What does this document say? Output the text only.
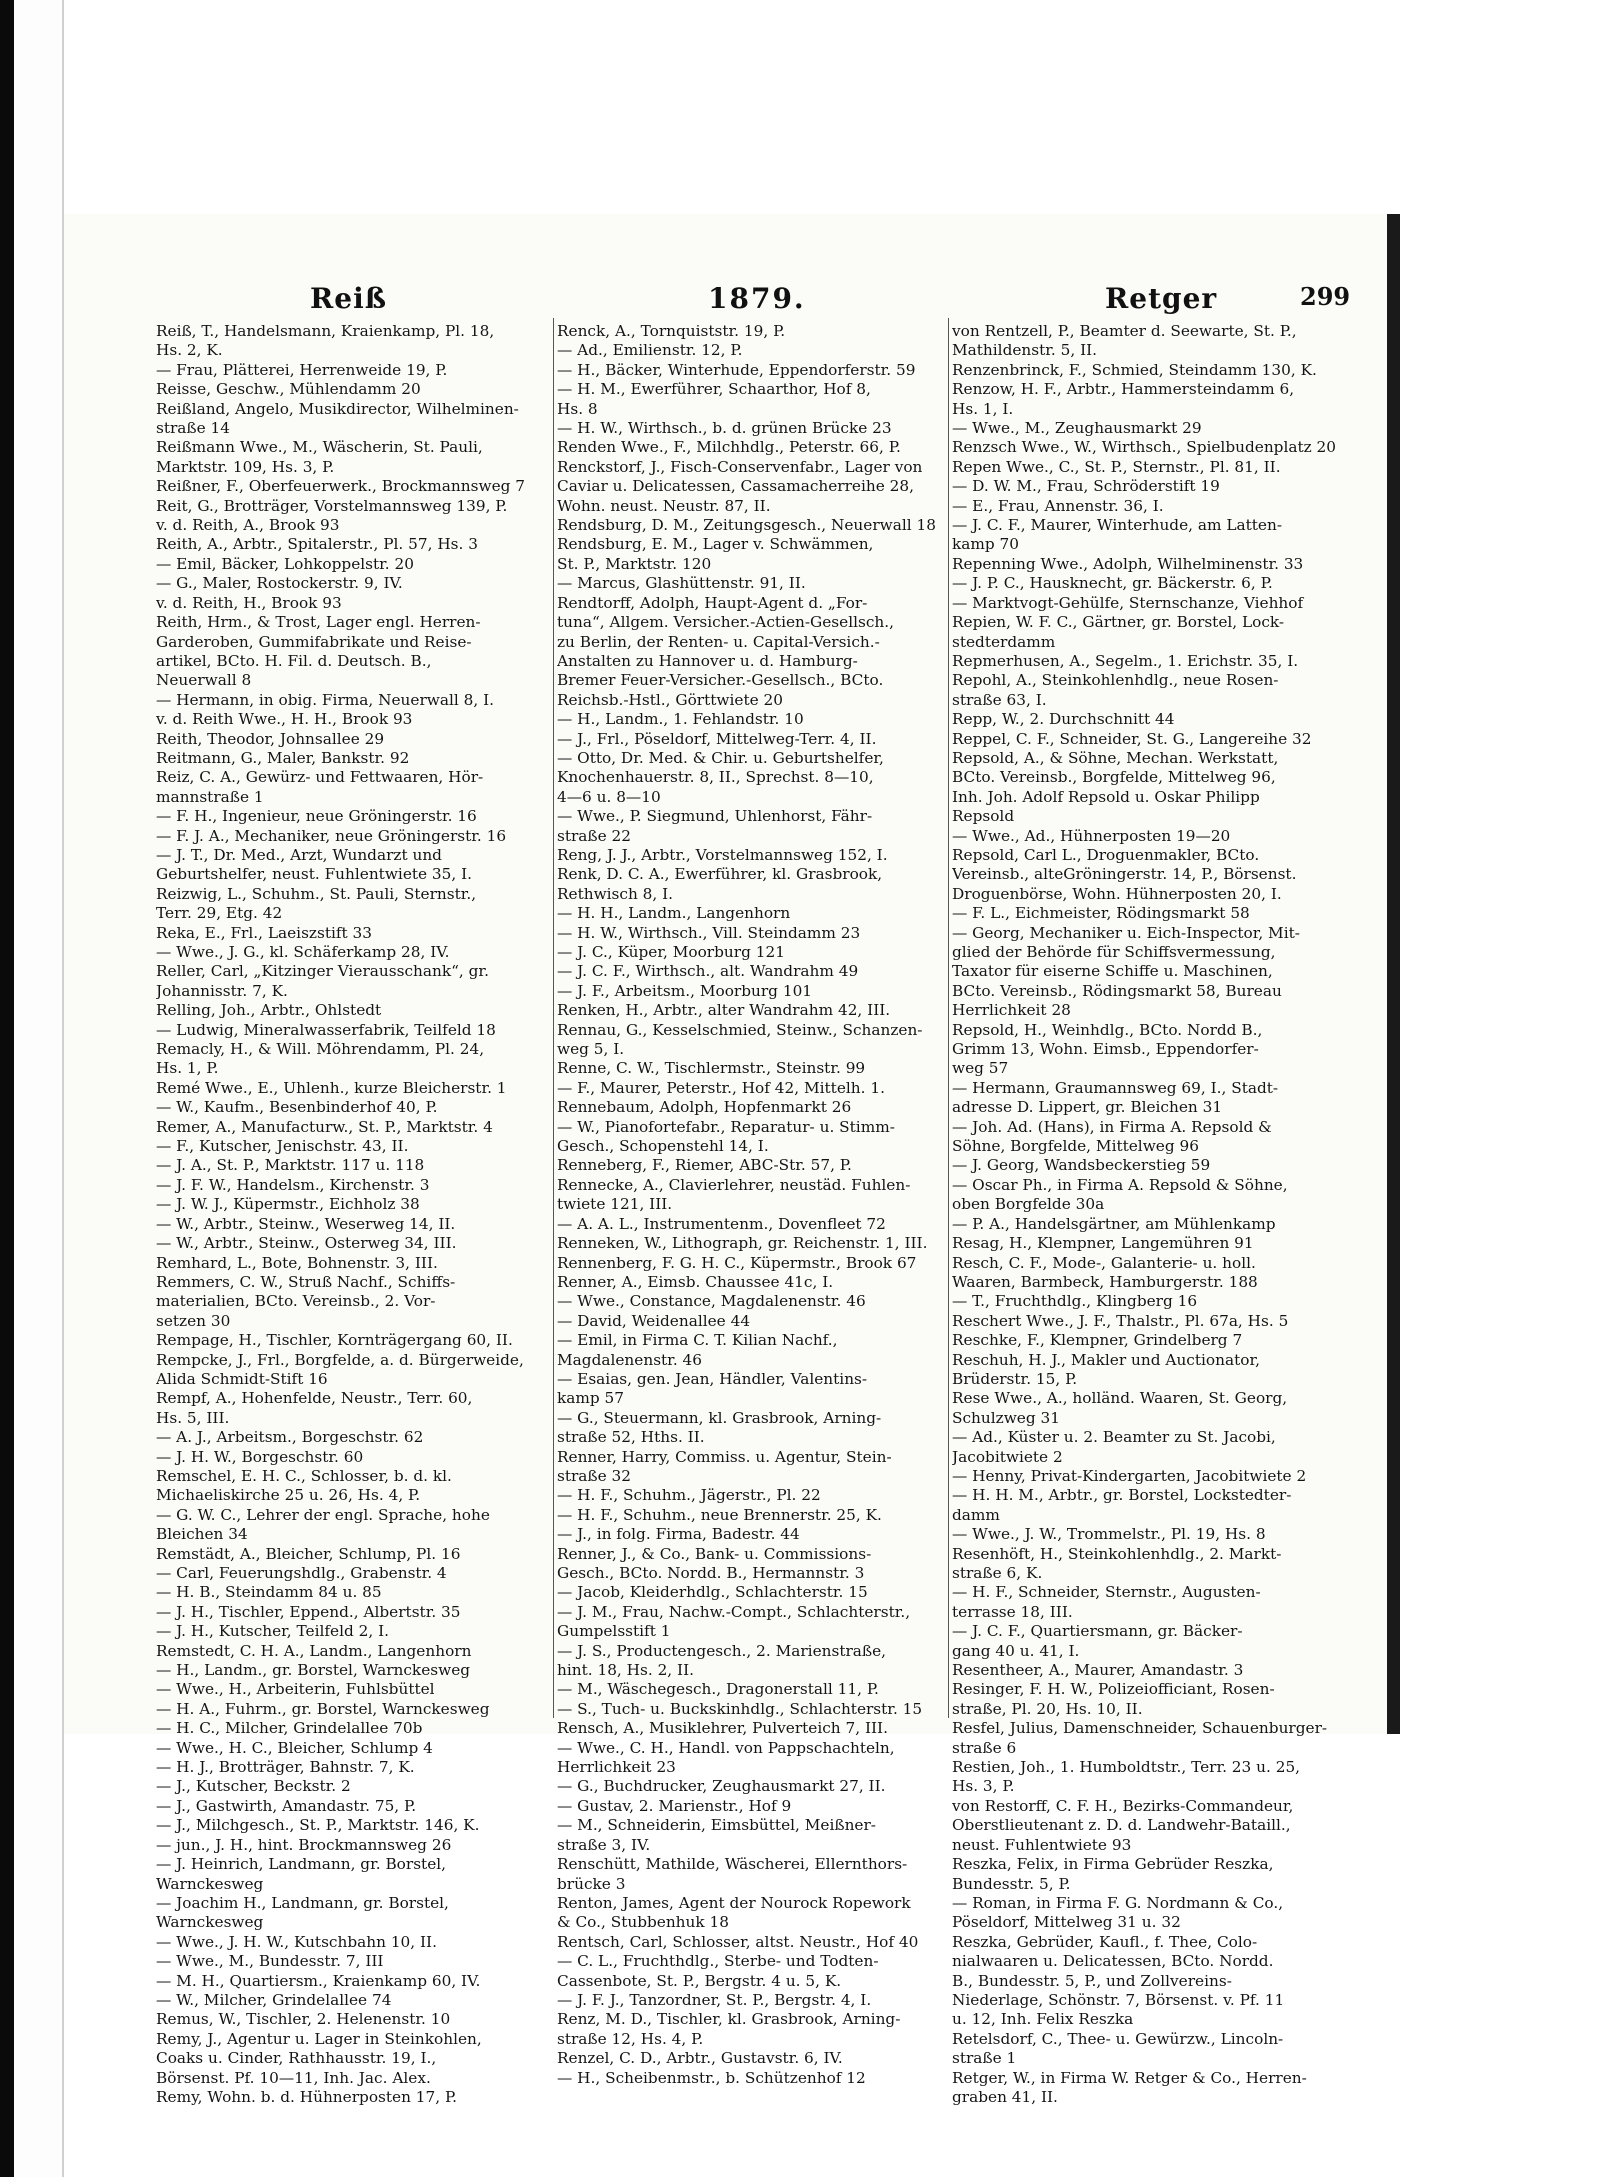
Reiß	1879.	Retger	299
Reiß, T., Handelsmann, Kraienkamp, Pl. 18,
Hs. 2, K.
— Frau, Plätterei, Herrenweide 19, P.
Reisse, Geschw., Mühlendamm 20
Reißland, Angelo, Musikdirector, Wilhelminen-
straße 14
Reißmann Wwe., M., Wäscherin, St. Pauli,
Marktstr. 109, Hs. 3, P.
Reißner, F., Oberfeuerwerk., Brockmannsweg 7
Reit, G., Brotträger, Vorstelmannsweg 139, P.
v. d. Reith, A., Brook 93
Reith, A., Arbtr., Spitalerstr., Pl. 57, Hs. 3
— Emil, Bäcker, Lohkoppelstr. 20
— G., Maler, Rostockerstr. 9, IV.
v. d. Reith, H., Brook 93
Reith, Hrm., & Trost, Lager engl. Herren-
Garderoben, Gummifabrikate und Reise-
artikel, BCto. H. Fil. d. Deutsch. B.,
Neuerwall 8
— Hermann, in obig. Firma, Neuerwall 8, I.
v. d. Reith Wwe., H. H., Brook 93
Reith, Theodor, Johnsallee 29
Reitmann, G., Maler, Bankstr. 92
Reiz, C. A., Gewürz- und Fettwaaren, Hör-
mannstraße 1
— F. H., Ingenieur, neue Gröningerstr. 16
— F. J. A., Mechaniker, neue Gröningerstr. 16
— J. T., Dr. Med., Arzt, Wundarzt und
Geburtshelfer, neust. Fuhlentwiete 35, I.
Reizwig, L., Schuhm., St. Pauli, Sternstr.,
Terr. 29, Etg. 42
Reka, E., Frl., Laeiszstift 33
— Wwe., J. G., kl. Schäferkamp 28, IV.
Reller, Carl, „Kitzinger Vierausschank“, gr.
Johannisstr. 7, K.
Relling, Joh., Arbtr., Ohlstedt
— Ludwig, Mineralwasserfabrik, Teilfeld 18
Remacly, H., & Will. Möhrendamm, Pl. 24,
Hs. 1, P.
Remé Wwe., E., Uhlenh., kurze Bleicherstr. 1
— W., Kaufm., Besenbinderhof 40, P.
Remer, A., Manufacturw., St. P., Marktstr. 4
— F., Kutscher, Jenischstr. 43, II.
— J. A., St. P., Marktstr. 117 u. 118
— J. F. W., Handelsm., Kirchenstr. 3
— J. W. J., Küpermstr., Eichholz 38
— W., Arbtr., Steinw., Weserweg 14, II.
— W., Arbtr., Steinw., Osterweg 34, III.
Remhard, L., Bote, Bohnenstr. 3, III.
Remmers, C. W., Struß Nachf., Schiffs-
materialien, BCto. Vereinsb., 2. Vor-
setzen 30
Rempage, H., Tischler, Kornträgergang 60, II.
Rempcke, J., Frl., Borgfelde, a. d. Bürgerweide,
Alida Schmidt-Stift 16
Rempf, A., Hohenfelde, Neustr., Terr. 60,
Hs. 5, III.
— A. J., Arbeitsm., Borgeschstr. 62
— J. H. W., Borgeschstr. 60
Remschel, E. H. C., Schlosser, b. d. kl.
Michaeliskirche 25 u. 26, Hs. 4, P.
— G. W. C., Lehrer der engl. Sprache, hohe
Bleichen 34
Remstädt, A., Bleicher, Schlump, Pl. 16
— Carl, Feuerungshdlg., Grabenstr. 4
— H. B., Steindamm 84 u. 85
— J. H., Tischler, Eppend., Albertstr. 35
— J. H., Kutscher, Teilfeld 2, I.
Remstedt, C. H. A., Landm., Langenhorn
— H., Landm., gr. Borstel, Warnckesweg
— Wwe., H., Arbeiterin, Fuhlsbüttel
— H. A., Fuhrm., gr. Borstel, Warnckesweg
— H. C., Milcher, Grindelallee 70b
— Wwe., H. C., Bleicher, Schlump 4
— H. J., Brotträger, Bahnstr. 7, K.
— J., Kutscher, Beckstr. 2
— J., Gastwirth, Amandastr. 75, P.
— J., Milchgesch., St. P., Marktstr. 146, K.
— jun., J. H., hint. Brockmannsweg 26
— J. Heinrich, Landmann, gr. Borstel,
Warnckesweg
— Joachim H., Landmann, gr. Borstel,
Warnckesweg
— Wwe., J. H. W., Kutschbahn 10, II.
— Wwe., M., Bundesstr. 7, III
— M. H., Quartiersm., Kraienkamp 60, IV.
— W., Milcher, Grindelallee 74
Remus, W., Tischler, 2. Helenenstr. 10
Remy, J., Agentur u. Lager in Steinkohlen,
Coaks u. Cinder, Rathhausstr. 19, I.,
Börsenst. Pf. 10—11, Inh. Jac. Alex.
Remy, Wohn. b. d. Hühnerposten 17, P.
Renck, A., Tornquiststr. 19, P.
— Ad., Emilienstr. 12, P.
— H., Bäcker, Winterhude, Eppendorferstr. 59
— H. M., Ewerführer, Schaarthor, Hof 8,
Hs. 8
— H. W., Wirthsch., b. d. grünen Brücke 23
Renden Wwe., F., Milchhdlg., Peterstr. 66, P.
Renckstorf, J., Fisch-Conservenfabr., Lager von
Caviar u. Delicatessen, Cassamacherreihe 28,
Wohn. neust. Neustr. 87, II.
Rendsburg, D. M., Zeitungsgesch., Neuerwall 18
Rendsburg, E. M., Lager v. Schwämmen,
St. P., Marktstr. 120
— Marcus, Glashüttenstr. 91, II.
Rendtorff, Adolph, Haupt-Agent d. „For-
tuna“, Allgem. Versicher.-Actien-Gesellsch.,
zu Berlin, der Renten- u. Capital-Versich.-
Anstalten zu Hannover u. d. Hamburg-
Bremer Feuer-Versicher.-Gesellsch., BCto.
Reichsb.-Hstl., Görttwiete 20
— H., Landm., 1. Fehlandstr. 10
— J., Frl., Pöseldorf, Mittelweg-Terr. 4, II.
— Otto, Dr. Med. & Chir. u. Geburtshelfer,
Knochenhauerstr. 8, II., Sprechst. 8—10,
4—6 u. 8—10
— Wwe., P. Siegmund, Uhlenhorst, Fähr-
straße 22
Reng, J. J., Arbtr., Vorstelmannsweg 152, I.
Renk, D. C. A., Ewerführer, kl. Grasbrook,
Rethwisch 8, I.
— H. H., Landm., Langenhorn
— H. W., Wirthsch., Vill. Steindamm 23
— J. C., Küper, Moorburg 121
— J. C. F., Wirthsch., alt. Wandrahm 49
— J. F., Arbeitsm., Moorburg 101
Renken, H., Arbtr., alter Wandrahm 42, III.
Rennau, G., Kesselschmied, Steinw., Schanzen-
weg 5, I.
Renne, C. W., Tischlermstr., Steinstr. 99
— F., Maurer, Peterstr., Hof 42, Mittelh. 1.
Rennebaum, Adolph, Hopfenmarkt 26
— W., Pianofortefabr., Reparatur- u. Stimm-
Gesch., Schopenstehl 14, I.
Renneberg, F., Riemer, ABC-Str. 57, P.
Rennecke, A., Clavierlehrer, neustäd. Fuhlen-
twiete 121, III.
— A. A. L., Instrumentenm., Dovenfleet 72
Renneken, W., Lithograph, gr. Reichenstr. 1, III.
Rennenberg, F. G. H. C., Küpermstr., Brook 67
Renner, A., Eimsb. Chaussee 41c, I.
— Wwe., Constance, Magdalenenstr. 46
— David, Weidenallee 44
— Emil, in Firma C. T. Kilian Nachf.,
Magdalenenstr. 46
— Esaias, gen. Jean, Händler, Valentins-
kamp 57
— G., Steuermann, kl. Grasbrook, Arning-
straße 52, Hths. II.
Renner, Harry, Commiss. u. Agentur, Stein-
straße 32
— H. F., Schuhm., Jägerstr., Pl. 22
— H. F., Schuhm., neue Brennerstr. 25, K.
— J., in folg. Firma, Badestr. 44
Renner, J., & Co., Bank- u. Commissions-
Gesch., BCto. Nordd. B., Hermannstr. 3
— Jacob, Kleiderhdlg., Schlachterstr. 15
— J. M., Frau, Nachw.-Compt., Schlachterstr.,
Gumpelsstift 1
— J. S., Productengesch., 2. Marienstraße,
hint. 18, Hs. 2, II.
— M., Wäschegesch., Dragonerstall 11, P.
— S., Tuch- u. Buckskinhdlg., Schlachterstr. 15
Rensch, A., Musiklehrer, Pulverteich 7, III.
— Wwe., C. H., Handl. von Pappschachteln,
Herrlichkeit 23
— G., Buchdrucker, Zeughausmarkt 27, II.
— Gustav, 2. Marienstr., Hof 9
— M., Schneiderin, Eimsbüttel, Meißner-
straße 3, IV.
Renschütt, Mathilde, Wäscherei, Ellernthors-
brücke 3
Renton, James, Agent der Nourock Ropework
& Co., Stubbenhuk 18
Rentsch, Carl, Schlosser, altst. Neustr., Hof 40
— C. L., Fruchthdlg., Sterbe- und Todten-
Cassenbote, St. P., Bergstr. 4 u. 5, K.
— J. F. J., Tanzordner, St. P., Bergstr. 4, I.
Renz, M. D., Tischler, kl. Grasbrook, Arning-
straße 12, Hs. 4, P.
Renzel, C. D., Arbtr., Gustavstr. 6, IV.
— H., Scheibenmstr., b. Schützenhof 12
von Rentzell, P., Beamter d. Seewarte, St. P.,
Mathildenstr. 5, II.
Renzenbrinck, F., Schmied, Steindamm 130, K.
Renzow, H. F., Arbtr., Hammersteindamm 6,
Hs. 1, I.
— Wwe., M., Zeughausmarkt 29
Renzsch Wwe., W., Wirthsch., Spielbudenplatz 20
Repen Wwe., C., St. P., Sternstr., Pl. 81, II.
— D. W. M., Frau, Schröderstift 19
— E., Frau, Annenstr. 36, I.
— J. C. F., Maurer, Winterhude, am Latten-
kamp 70
Repenning Wwe., Adolph, Wilhelminenstr. 33
— J. P. C., Hausknecht, gr. Bäckerstr. 6, P.
— Marktvogt-Gehülfe, Sternschanze, Viehhof
Repien, W. F. C., Gärtner, gr. Borstel, Lock-
stedterdamm
Repmerhusen, A., Segelm., 1. Erichstr. 35, I.
Repohl, A., Steinkohlenhdlg., neue Rosen-
straße 63, I.
Repp, W., 2. Durchschnitt 44
Reppel, C. F., Schneider, St. G., Langereihe 32
Repsold, A., & Söhne, Mechan. Werkstatt,
BCto. Vereinsb., Borgfelde, Mittelweg 96,
Inh. Joh. Adolf Repsold u. Oskar Philipp
Repsold
— Wwe., Ad., Hühnerposten 19—20
Repsold, Carl L., Droguenmakler, BCto.
Vereinsb., alteGröningerstr. 14, P., Börsenst.
Droguenbörse, Wohn. Hühnerposten 20, I.
— F. L., Eichmeister, Rödingsmarkt 58
— Georg, Mechaniker u. Eich-Inspector, Mit-
glied der Behörde für Schiffsvermessung,
Taxator für eiserne Schiffe u. Maschinen,
BCto. Vereinsb., Rödingsmarkt 58, Bureau
Herrlichkeit 28
Repsold, H., Weinhdlg., BCto. Nordd B.,
Grimm 13, Wohn. Eimsb., Eppendorfer-
weg 57
— Hermann, Graumannsweg 69, I., Stadt-
adresse D. Lippert, gr. Bleichen 31
— Joh. Ad. (Hans), in Firma A. Repsold &
Söhne, Borgfelde, Mittelweg 96
— J. Georg, Wandsbeckerstieg 59
— Oscar Ph., in Firma A. Repsold & Söhne,
oben Borgfelde 30a
— P. A., Handelsgärtner, am Mühlenkamp
Resag, H., Klempner, Langemühren 91
Resch, C. F., Mode-, Galanterie- u. holl.
Waaren, Barmbeck, Hamburgerstr. 188
— T., Fruchthdlg., Klingberg 16
Reschert Wwe., J. F., Thalstr., Pl. 67a, Hs. 5
Reschke, F., Klempner, Grindelberg 7
Reschuh, H. J., Makler und Auctionator,
Brüderstr. 15, P.
Rese Wwe., A., holländ. Waaren, St. Georg,
Schulzweg 31
— Ad., Küster u. 2. Beamter zu St. Jacobi,
Jacobitwiete 2
— Henny, Privat-Kindergarten, Jacobitwiete 2
— H. H. M., Arbtr., gr. Borstel, Lockstedter-
damm
— Wwe., J. W., Trommelstr., Pl. 19, Hs. 8
Resenhöft, H., Steinkohlenhdlg., 2. Markt-
straße 6, K.
— H. F., Schneider, Sternstr., Augusten-
terrasse 18, III.
— J. C. F., Quartiersmann, gr. Bäcker-
gang 40 u. 41, I.
Resentheer, A., Maurer, Amandastr. 3
Resinger, F. H. W., Polizeiofficiant, Rosen-
straße, Pl. 20, Hs. 10, II.
Resfel, Julius, Damenschneider, Schauenburger-
straße 6
Restien, Joh., 1. Humboldtstr., Terr. 23 u. 25,
Hs. 3, P.
von Restorff, C. F. H., Bezirks-Commandeur,
Oberstlieutenant z. D. d. Landwehr-Bataill.,
neust. Fuhlentwiete 93
Reszka, Felix, in Firma Gebrüder Reszka,
Bundesstr. 5, P.
— Roman, in Firma F. G. Nordmann & Co.,
Pöseldorf, Mittelweg 31 u. 32
Reszka, Gebrüder, Kaufl., f. Thee, Colo-
nialwaaren u. Delicatessen, BCto. Nordd.
B., Bundesstr. 5, P., und Zollvereins-
Niederlage, Schönstr. 7, Börsenst. v. Pf. 11
u. 12, Inh. Felix Reszka
Retelsdorf, C., Thee- u. Gewürzw., Lincoln-
straße 1
Retger, W., in Firma W. Retger & Co., Herren-
graben 41, II.
